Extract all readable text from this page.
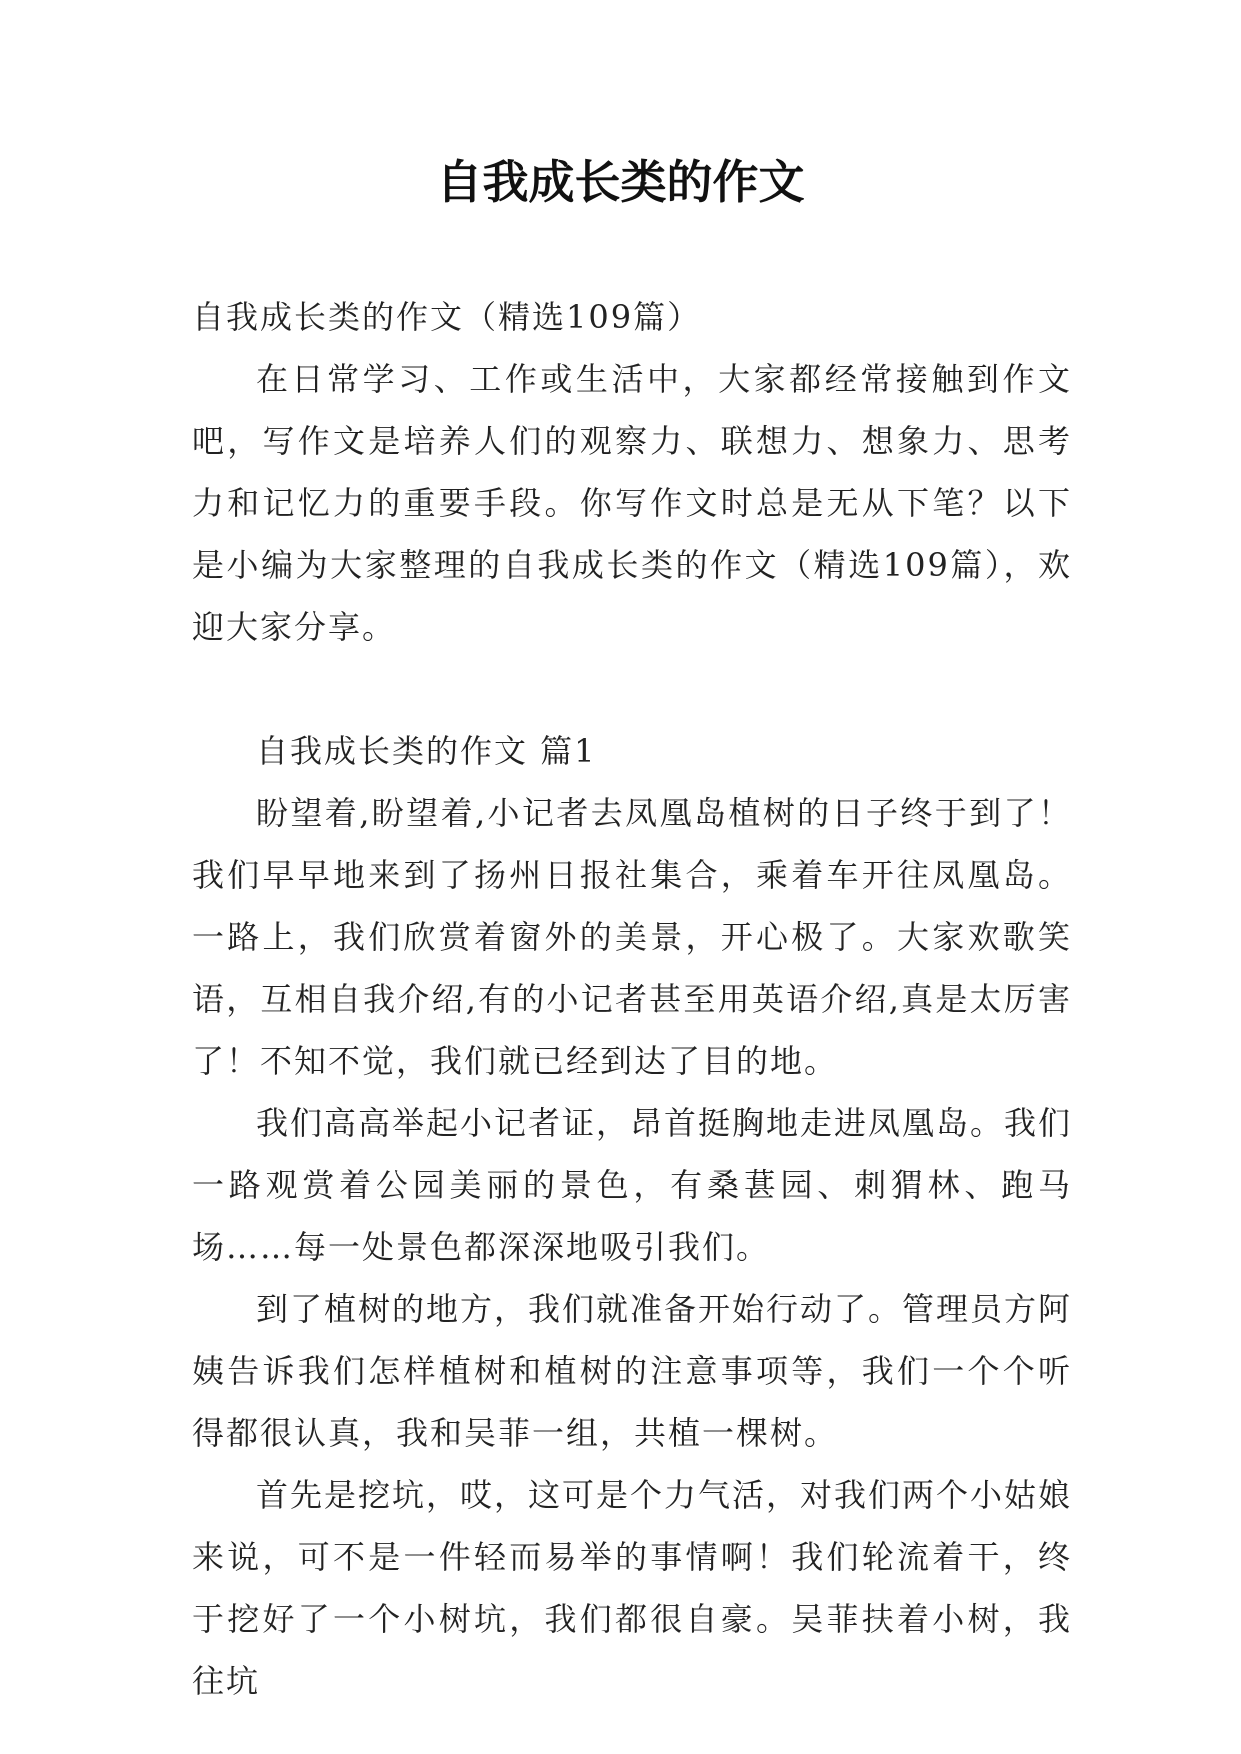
自我成长类的作文

自我成长类的作文（精选109篇）

在日常学习、工作或生活中，大家都经常接触到作文吧，写作文是培养人们的观察力、联想力、想象力、思考力和记忆力的重要手段。你写作文时总是无从下笔？以下是小编为大家整理的自我成长类的作文（精选109篇），欢迎大家分享。

自我成长类的作文 篇1

盼望着,盼望着,小记者去凤凰岛植树的日子终于到了！我们早早地来到了扬州日报社集合，乘着车开往凤凰岛。一路上，我们欣赏着窗外的美景，开心极了。大家欢歌笑语，互相自我介绍,有的小记者甚至用英语介绍,真是太厉害了！不知不觉，我们就已经到达了目的地。

我们高高举起小记者证，昂首挺胸地走进凤凰岛。我们一路观赏着公园美丽的景色，有桑葚园、刺猬林、跑马场……每一处景色都深深地吸引我们。

到了植树的地方，我们就准备开始行动了。管理员方阿姨告诉我们怎样植树和植树的注意事项等，我们一个个听得都很认真，我和吴菲一组，共植一棵树。

首先是挖坑，哎，这可是个力气活，对我们两个小姑娘来说，可不是一件轻而易举的事情啊！我们轮流着干，终于挖好了一个小树坑，我们都很自豪。吴菲扶着小树，我往坑
